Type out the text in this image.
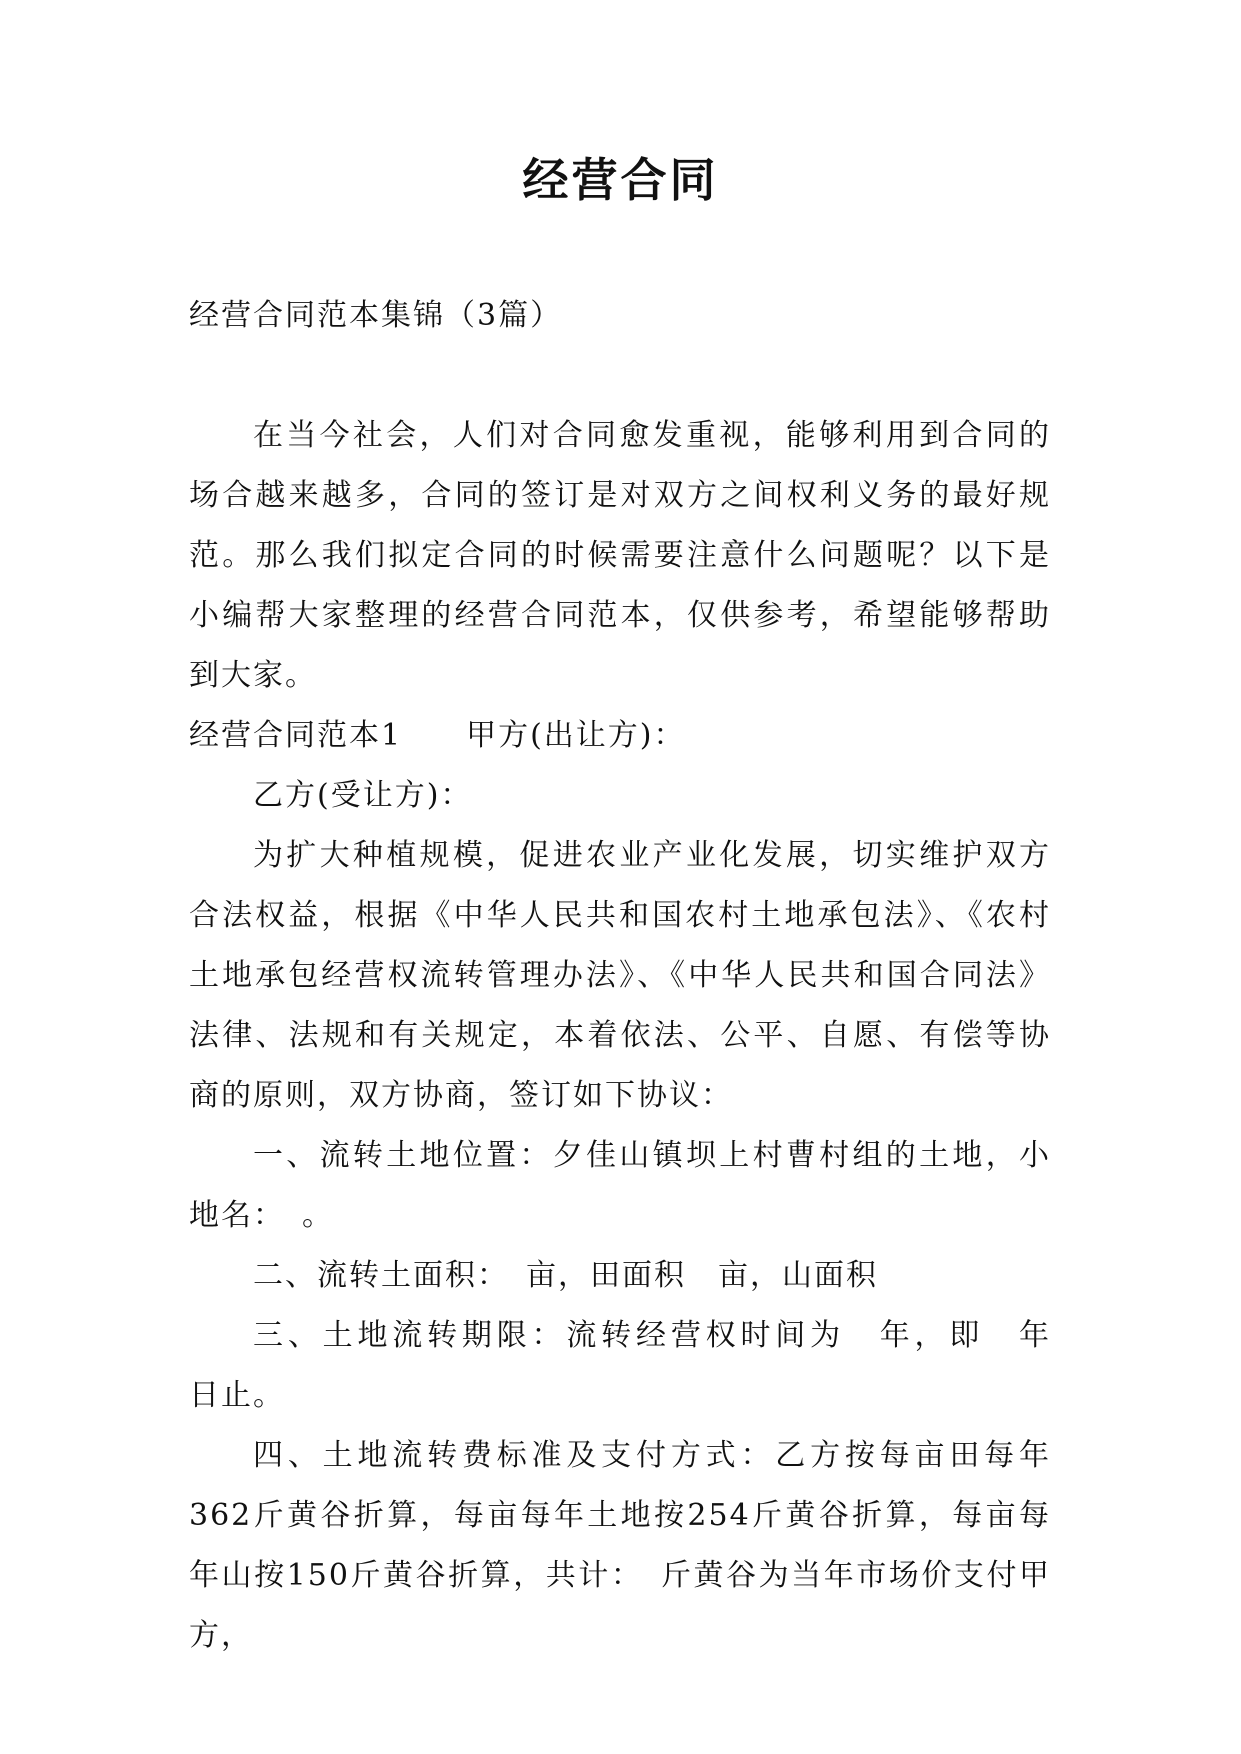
经营合同

经营合同范本集锦（3篇）

在当今社会，人们对合同愈发重视，能够利用到合同的场合越来越多，合同的签订是对双方之间权利义务的最好规范。那么我们拟定合同的时候需要注意什么问题呢？以下是小编帮大家整理的经营合同范本，仅供参考，希望能够帮助到大家。

经营合同范本1 甲方(出让方)：

乙方(受让方)：

为扩大种植规模，促进农业产业化发展，切实维护双方合法权益，根据《中华人民共和国农村土地承包法》、《农村土地承包经营权流转管理办法》、《中华人民共和国合同法》法律、法规和有关规定，本着依法、公平、自愿、有偿等协商的原则，双方协商，签订如下协议：

一、流转土地位置：夕佳山镇坝上村曹村组的土地，小地名：　。

二、流转土面积：　亩，田面积　亩，山面积

三、土地流转期限：流转经营权时间为　年，即　年　日止。

四、土地流转费标准及支付方式：乙方按每亩田每年362斤黄谷折算，每亩每年土地按254斤黄谷折算，每亩每年山按150斤黄谷折算，共计：　斤黄谷为当年市场价支付甲方，
